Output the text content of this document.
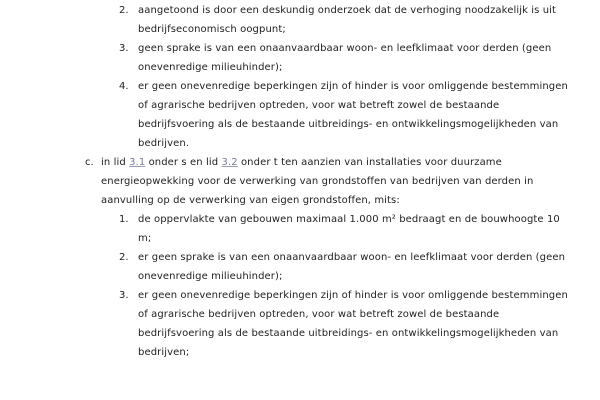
2. aangetoond is door een deskundig onderzoek dat de verhoging noodzakelijk is uit
bedrijfseconomisch oogpunt;
3. geen sprake is van een onaanvaardbaar woon- en leefklimaat voor derden (geen
onevenredige milieuhinder);
4. er geen onevenredige beperkingen zijn of hinder is voor omliggende bestemmingen
of agrarische bedrijven optreden, voor wat betreft zowel de bestaande
bedrijfsvoering als de bestaande uitbreidings- en ontwikkelingsmogelijkheden van
bedrijven.
c. in lid 3.1 onder s en lid 3.2 onder t ten aanzien van installaties voor duurzame
energieopwekking voor de verwerking van grondstoffen van bedrijven van derden in
aanvulling op de verwerking van eigen grondstoffen, mits:
1. de oppervlakte van gebouwen maximaal 1.000 m² bedraagt en de bouwhoogte 10
m;
2. er geen sprake is van een onaanvaardbaar woon- en leefklimaat voor derden (geen
onevenredige milieuhinder);
3. er geen onevenredige beperkingen zijn of hinder is voor omliggende bestemmingen
of agrarische bedrijven optreden, voor wat betreft zowel de bestaande
bedrijfsvoering als de bestaande uitbreidings- en ontwikkelingsmogelijkheden van
bedrijven;
